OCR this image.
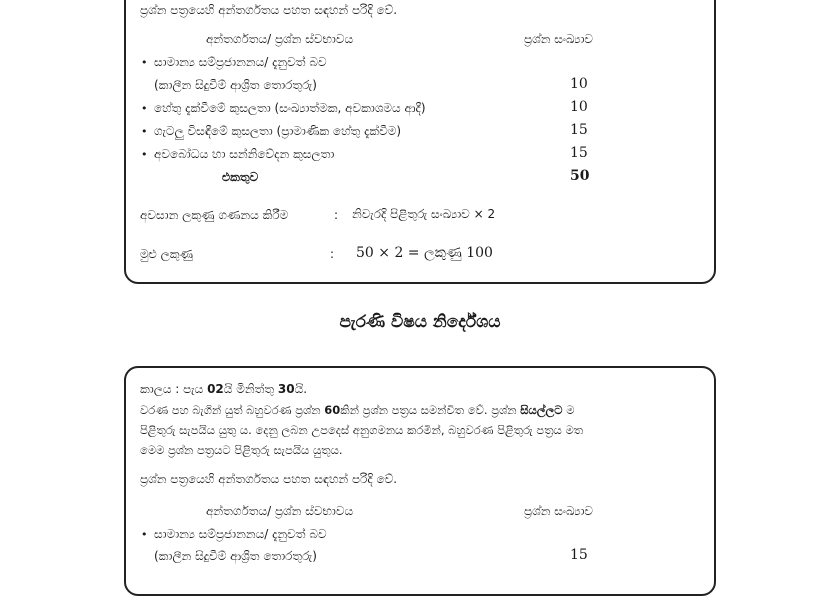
ප්‍රශ්න පත්‍රයෙහි අන්තර්ගතය පහත සඳහන් පරිදි වේ.
අන්තර්ගතය/ ප්‍රශ්න ස්වභාවය	ප්‍රශ්න සංඛ්‍යාව
• සාමාන්‍ය සම්ප්‍රජානනය/ දැනුවත් බව
(කාලීන සිදුවීම් ආශ්‍රිත තොරතුරු)	10
• හේතු දැක්වීමේ කුසලතා (සංඛ්‍යාත්මක, අවකාශමය ආදී)	10
• ගැටලු විසඳීමේ කුසලතා (ප්‍රාමාණික හේතු දැක්වීම)	15
• අවබෝධය හා සන්නිවේදන කුසලතා	15
එකතුව	50
අවසාන ලකුණු ගණනය කිරීම	: නිවැරදි පිළිතුරු සංඛ්‍යාව × 2
මුළු ලකුණු	: 50 × 2 = ලකුණු 100
පැරණි විෂය නිර්දේශය
කාලය : පැය 02යි මිනිත්තු 30යි.
වරණ පහ බැගින් යුත් බහුවරණ ප්‍රශ්න 60කින් ප්‍රශ්න පත්‍රය සමන්විත වේ. ප්‍රශ්න සියල්ලට ම
පිළිතුරු සැපයිය යුතු ය. දෙනු ලබන උපදෙස් අනුගමනය කරමින්, බහුවරණ පිළිතුරු පත්‍රය මත
මෙම ප්‍රශ්න පත්‍රයට පිළිතුරු සැපයිය යුතුය.
ප්‍රශ්න පත්‍රයෙහි අන්තර්ගතය පහත සඳහන් පරිදි වේ.
අන්තර්ගතය/ ප්‍රශ්න ස්වභාවය	ප්‍රශ්න සංඛ්‍යාව
• සාමාන්‍ය සම්ප්‍රජානනය/ දැනුවත් බව
(කාලීන සිදුවීම් ආශ්‍රිත තොරතුරු)	15
